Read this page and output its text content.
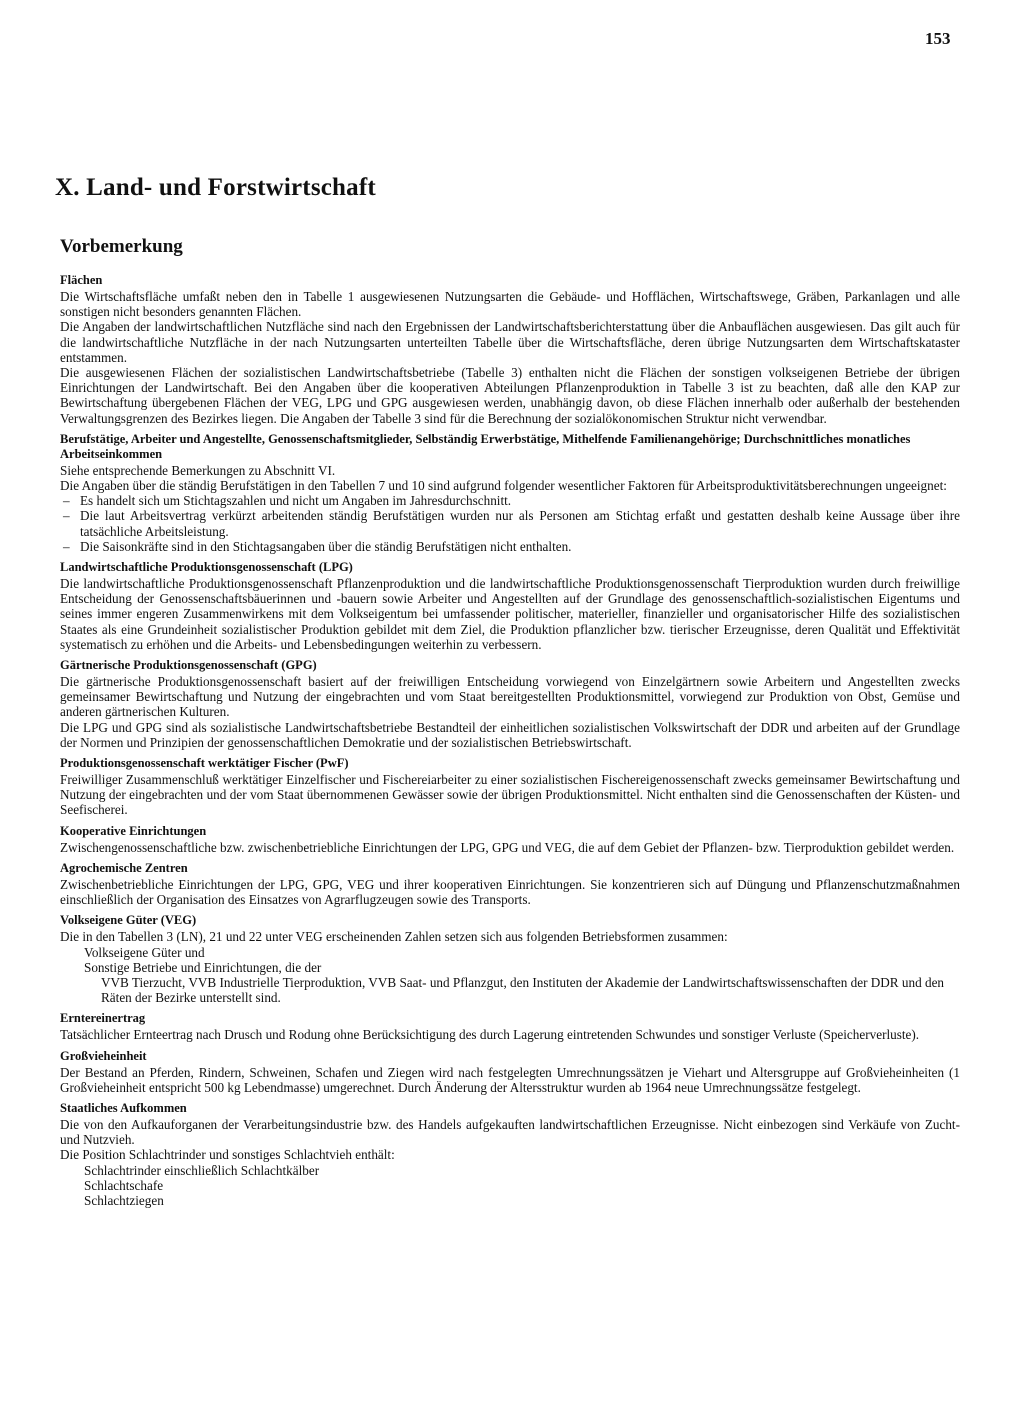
153
X. Land- und Forstwirtschaft
Vorbemerkung
Flächen

Die Wirtschaftsfläche umfaßt neben den in Tabelle 1 ausgewiesenen Nutzungsarten die Gebäude- und Hofflächen, Wirtschaftswege, Gräben, Parkanlagen und alle sonstigen nicht besonders genannten Flächen.

Die Angaben der landwirtschaftlichen Nutzfläche sind nach den Ergebnissen der Landwirtschaftsberichterstattung über die Anbauflächen ausgewiesen. Das gilt auch für die landwirtschaftliche Nutzfläche in der nach Nutzungsarten unterteilten Tabelle über die Wirtschaftsfläche, deren übrige Nutzungsarten dem Wirtschaftskataster entstammen.

Die ausgewiesenen Flächen der sozialistischen Landwirtschaftsbetriebe (Tabelle 3) enthalten nicht die Flächen der sonstigen volkseigenen Betriebe der übrigen Einrichtungen der Landwirtschaft. Bei den Angaben über die kooperativen Abteilungen Pflanzenproduktion in Tabelle 3 ist zu beachten, daß alle den KAP zur Bewirtschaftung übergebenen Flächen der VEG, LPG und GPG ausgewiesen werden, unabhängig davon, ob diese Flächen innerhalb oder außerhalb der bestehenden Verwaltungsgrenzen des Bezirkes liegen. Die Angaben der Tabelle 3 sind für die Berechnung der sozialökonomischen Struktur nicht verwendbar.

Berufstätige, Arbeiter und Angestellte, Genossenschaftsmitglieder, Selbständig Erwerbstätige, Mithelfende Familienangehörige; Durchschnittliches monatliches Arbeitseinkommen

Siehe entsprechende Bemerkungen zu Abschnitt VI.

Die Angaben über die ständig Berufstätigen in den Tabellen 7 und 10 sind aufgrund folgender wesentlicher Faktoren für Arbeitsproduktivitätsberechnungen ungeeignet:

– Es handelt sich um Stichtagszahlen und nicht um Angaben im Jahresdurchschnitt.
– Die laut Arbeitsvertrag verkürzt arbeitenden ständig Berufstätigen wurden nur als Personen am Stichtag erfaßt und gestatten deshalb keine Aussage über ihre tatsächliche Arbeitsleistung.
– Die Saisonkräfte sind in den Stichtagsangaben über die ständig Berufstätigen nicht enthalten.
Landwirtschaftliche Produktionsgenossenschaft (LPG)

Die landwirtschaftliche Produktionsgenossenschaft Pflanzenproduktion und die landwirtschaftliche Produktionsgenossenschaft Tierproduktion wurden durch freiwillige Entscheidung der Genossenschaftsbäuerinnen und -bauern sowie Arbeiter und Angestellten auf der Grundlage des genossenschaftlich-sozialistischen Eigentums und seines immer engeren Zusammenwirkens mit dem Volkseigentum bei umfassender politischer, materieller, finanzieller und organisatorischer Hilfe des sozialistischen Staates als eine Grundeinheit sozialistischer Produktion gebildet mit dem Ziel, die Produktion pflanzlicher bzw. tierischer Erzeugnisse, deren Qualität und Effektivität systematisch zu erhöhen und die Arbeits- und Lebensbedingungen weiterhin zu verbessern.

Gärtnerische Produktionsgenossenschaft (GPG)

Die gärtnerische Produktionsgenossenschaft basiert auf der freiwilligen Entscheidung vorwiegend von Einzelgärtnern sowie Arbeitern und Angestellten zwecks gemeinsamer Bewirtschaftung und Nutzung der eingebrachten und vom Staat bereitgestellten Produktionsmittel, vorwiegend zur Produktion von Obst, Gemüse und anderen gärtnerischen Kulturen.

Die LPG und GPG sind als sozialistische Landwirtschaftsbetriebe Bestandteil der einheitlichen sozialistischen Volkswirtschaft der DDR und arbeiten auf der Grundlage der Normen und Prinzipien der genossenschaftlichen Demokratie und der sozialistischen Betriebswirtschaft.

Produktionsgenossenschaft werktätiger Fischer (PwF)

Freiwilliger Zusammenschluß werktätiger Einzelfischer und Fischereiarbeiter zu einer sozialistischen Fischereigenossenschaft zwecks gemeinsamer Bewirtschaftung und Nutzung der eingebrachten und der vom Staat übernommenen Gewässer sowie der übrigen Produktionsmittel. Nicht enthalten sind die Genossenschaften der Küsten- und Seefischerei.

Kooperative Einrichtungen

Zwischengenossenschaftliche bzw. zwischenbetriebliche Einrichtungen der LPG, GPG und VEG, die auf dem Gebiet der Pflanzen- bzw. Tierproduktion gebildet werden.

Agrochemische Zentren

Zwischenbetriebliche Einrichtungen der LPG, GPG, VEG und ihrer kooperativen Einrichtungen. Sie konzentrieren sich auf Düngung und Pflanzenschutzmaßnahmen einschließlich der Organisation des Einsatzes von Agrarflugzeugen sowie des Transports.

Volkseigene Güter (VEG)

Die in den Tabellen 3 (LN), 21 und 22 unter VEG erscheinenden Zahlen setzen sich aus folgenden Betriebsformen zusammen:

Volkseigene Güter und
Sonstige Betriebe und Einrichtungen, die der
VVB Tierzucht, VVB Industrielle Tierproduktion, VVB Saat- und Pflanzgut, den Instituten der Akademie der Landwirtschaftswissenschaften der DDR und den Räten der Bezirke unterstellt sind.
Erntereinertrag

Tatsächlicher Ernteertrag nach Drusch und Rodung ohne Berücksichtigung des durch Lagerung eintretenden Schwundes und sonstiger Verluste (Speicherverluste).

Großvieheinheit

Der Bestand an Pferden, Rindern, Schweinen, Schafen und Ziegen wird nach festgelegten Umrechnungssätzen je Viehart und Altersgruppe auf Großvieheinheiten (1 Großvieheinheit entspricht 500 kg Lebendmasse) umgerechnet. Durch Änderung der Altersstruktur wurden ab 1964 neue Umrechnungssätze festgelegt.

Staatliches Aufkommen

Die von den Aufkauforganen der Verarbeitungsindustrie bzw. des Handels aufgekauften landwirtschaftlichen Erzeugnisse. Nicht einbezogen sind Verkäufe von Zucht- und Nutzvieh.

Die Position Schlachtrinder und sonstiges Schlachtvieh enthält:

Schlachtrinder einschließlich Schlachtkälber
Schlachtschafe
Schlachtziegen
